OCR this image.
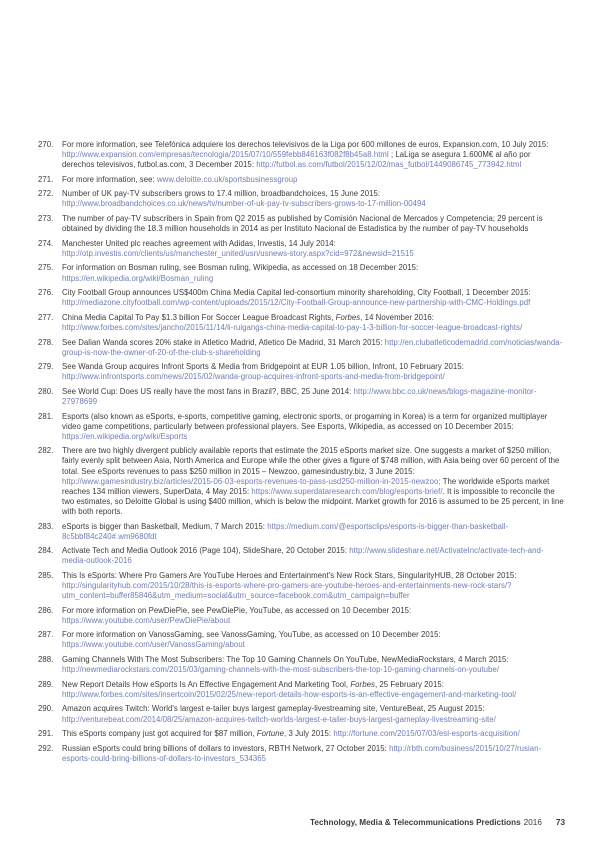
270.	For more information, see Telefónica adquiere los derechos televisivos de la Liga por 600 millones de euros, Expansion.com, 10 July 2015: http://www.expansion.com/empresas/tecnologia/2015/07/10/559febb846163f082f8b45a8.html ; LaLiga se asegura 1.600M€ al año por derechos televisivos, futbol.as.com, 3 December 2015: http://futbol.as.com/futbol/2015/12/02/mas_futbol/1449086745_773942.html
271.	For more information, see: www.deloitte.co.uk/sportsbusinessgroup
272.	Number of UK pay-TV subscribers grows to 17.4 million, broadbandchoices, 15 June 2015: http://www.broadbandchoices.co.uk/news/tv/number-of-uk-pay-tv-subscribers-grows-to-17-million-00494
273.	The number of pay-TV subscribers in Spain from Q2 2015 as published by Comisión Nacional de Mercados y Competencia; 29 percent is obtained by dividing the 18.3 million households in 2014 as per Instituto Nacional de Estadistica by the number of pay-TV households
274.	Manchester United plc reaches agreement with Adidas, Investis, 14 July 2014: http://otp.investis.com/clients/us/manchester_united/usn/usnews-story.aspx?cid=972&newsid=21515
275.	For information on Bosman ruling, see Bosman ruling, Wikipedia, as accessed on 18 December 2015: https://en.wikipedia.org/wiki/Bosman_ruling
276.	City Football Group announces US$400m China Media Capital led-consortium minority shareholding, City Football, 1 December 2015: http://mediazone.cityfootball.com/wp-content/uploads/2015/12/City-Football-Group-announce-new-partnership-with-CMC-Holdings.pdf
277.	China Media Capital To Pay $1.3 billion For Soccer League Broadcast Rights, Forbes, 14 November 2016: http://www.forbes.com/sites/jancho/2015/11/14/li-ruigangs-china-media-capital-to-pay-1-3-billion-for-soccer-league-broadcast-rights/
278.	See Dalian Wanda scores 20% stake in Atletico Madrid, Atletico De Madrid, 31 March 2015: http://en.clubatleticodemadrid.com/noticias/wanda-group-is-now-the-owner-of-20-of-the-club-s-shareholding
279.	See Wanda Group acquires Infront Sports & Media from Bridgepoint at EUR 1.05 billion, Infront, 10 February 2015: http://www.infrontsports.com/news/2015/02/wanda-group-acquires-infront-sports-and-media-from-bridgepoint/
280.	See World Cup: Does US really have the most fans in Brazil?, BBC, 25 June 2014: http://www.bbc.co.uk/news/blogs-magazine-monitor-27978699
281.	Esports (also known as eSports, e-sports, competitive gaming, electronic sports, or progaming in Korea) is a term for organized multiplayer video game competitions, particularly between professional players. See Esports, Wikipedia, as accessed on 10 December 2015: https://en.wikipedia.org/wiki/Esports
282.	There are two highly divergent publicly available reports that estimate the 2015 eSports market size. One suggests a market of $250 million, fairly evenly split between Asia, North America and Europe while the other gives a figure of $748 million, with Asia being over 60 percent of the total. See eSports revenues to pass $250 million in 2015 – Newzoo, gamesindustry.biz, 3 June 2015: http://www.gamesindustry.biz/articles/2015-06-03-esports-revenues-to-pass-usd250-million-in-2015-newzoo; The worldwide eSports market reaches 134 million viewers, SuperData, 4 May 2015: https://www.superdataresearch.com/blog/esports-brief/. It is impossible to reconcile the two estimates, so Deloitte Global is using $400 million, which is below the midpoint. Market growth for 2016 is assumed to be 25 percent, in line with both reports.
283.	eSports is bigger than Basketball, Medium, 7 March 2015: https://medium.com/@esportsclips/esports-is-bigger-than-basketball-8c5bbf84c240#.wm9680fdt
284.	Activate Tech and Media Outlook 2016 (Page 104), SlideShare, 20 October 2015: http://www.slideshare.net/ActivateInc/activate-tech-and-media-outlook-2016
285.	This Is eSports: Where Pro Gamers Are YouTube Heroes and Entertainment's New Rock Stars, SingularityHUB, 28 October 2015: http://singularityhub.com/2015/10/28/this-is-esports-where-pro-gamers-are-youtube-heroes-and-entertainments-new-rock-stars/?utm_content=buffer85846&utm_medium=social&utm_source=facebook.com&utm_campaign=buffer
286.	For more information on PewDiePie, see PewDiePie, YouTube, as accessed on 10 December 2015: https://www.youtube.com/user/PewDiePie/about
287.	For more information on VanossGaming, see VanossGaming, YouTube, as accessed on 10 December 2015: https://www.youtube.com/user/VanossGaming/about
288.	Gaming Channels With The Most Subscribers: The Top 10 Gaming Channels On YouTube, NewMediaRockstars, 4 March 2015: http://newmediarockstars.com/2015/03/gaming-channels-with-the-most-subscribers-the-top-10-gaming-channels-on-youtube/
289.	New Report Details How eSports Is An Effective Engagement And Marketing Tool, Forbes, 25 February 2015: http://www.forbes.com/sites/insertcoin/2015/02/25/new-report-details-how-esports-is-an-effective-engagement-and-marketing-tool/
290.	Amazon acquires Twitch: World's largest e-tailer buys largest gameplay-livestreaming site, VentureBeat, 25 August 2015: http://venturebeat.com/2014/08/25/amazon-acquires-twitch-worlds-largest-e-tailer-buys-largest-gameplay-livestreaming-site/
291.	This eSports company just got acquired for $87 million, Fortune, 3 July 2015: http://fortune.com/2015/07/03/esl-esports-acquisition/
292.	Russian eSports could bring billions of dollars to investors, RBTH Network, 27 October 2015: http://rbth.com/business/2015/10/27/rusian-esports-could-bring-billions-of-dollars-to-investors_534365
Technology, Media & Telecommunications Predictions 2016 73
